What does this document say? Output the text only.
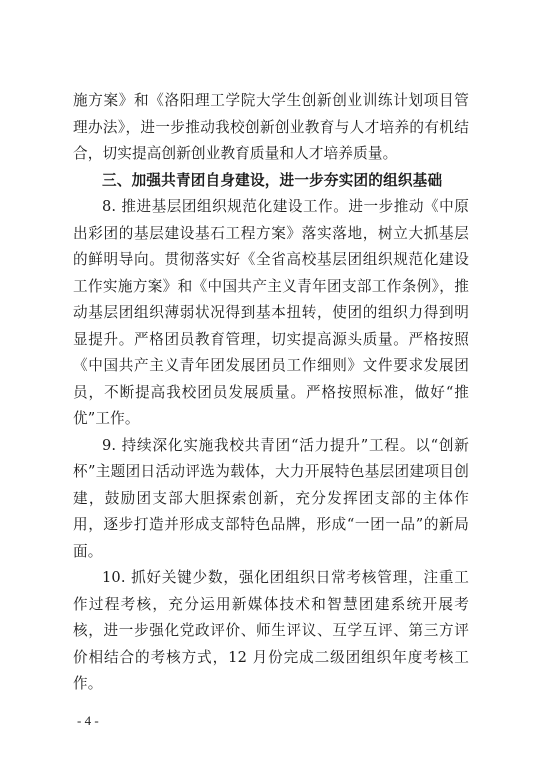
施方案》和《洛阳理工学院大学生创新创业训练计划项目管理办法》，进一步推动我校创新创业教育与人才培养的有机结合，切实提高创新创业教育质量和人才培养质量。

三、加强共青团自身建设，进一步夯实团的组织基础

8. 推进基层团组织规范化建设工作。进一步推动《中原出彩团的基层建设基石工程方案》落实落地，树立大抓基层的鲜明导向。贯彻落实好《全省高校基层团组织规范化建设工作实施方案》和《中国共产主义青年团支部工作条例》，推动基层团组织薄弱状况得到基本扭转，使团的组织力得到明显提升。严格团员教育管理，切实提高源头质量。严格按照《中国共产主义青年团发展团员工作细则》文件要求发展团员，不断提高我校团员发展质量。严格按照标准，做好“推优”工作。

9. 持续深化实施我校共青团“活力提升”工程。以“创新杯”主题团日活动评选为载体，大力开展特色基层团建项目创建，鼓励团支部大胆探索创新，充分发挥团支部的主体作用，逐步打造并形成支部特色品牌，形成“一团一品”的新局面。

10. 抓好关键少数，强化团组织日常考核管理，注重工作过程考核，充分运用新媒体技术和智慧团建系统开展考核，进一步强化党政评价、师生评议、互学互评、第三方评价相结合的考核方式，12 月份完成二级团组织年度考核工作。

- 4 -
